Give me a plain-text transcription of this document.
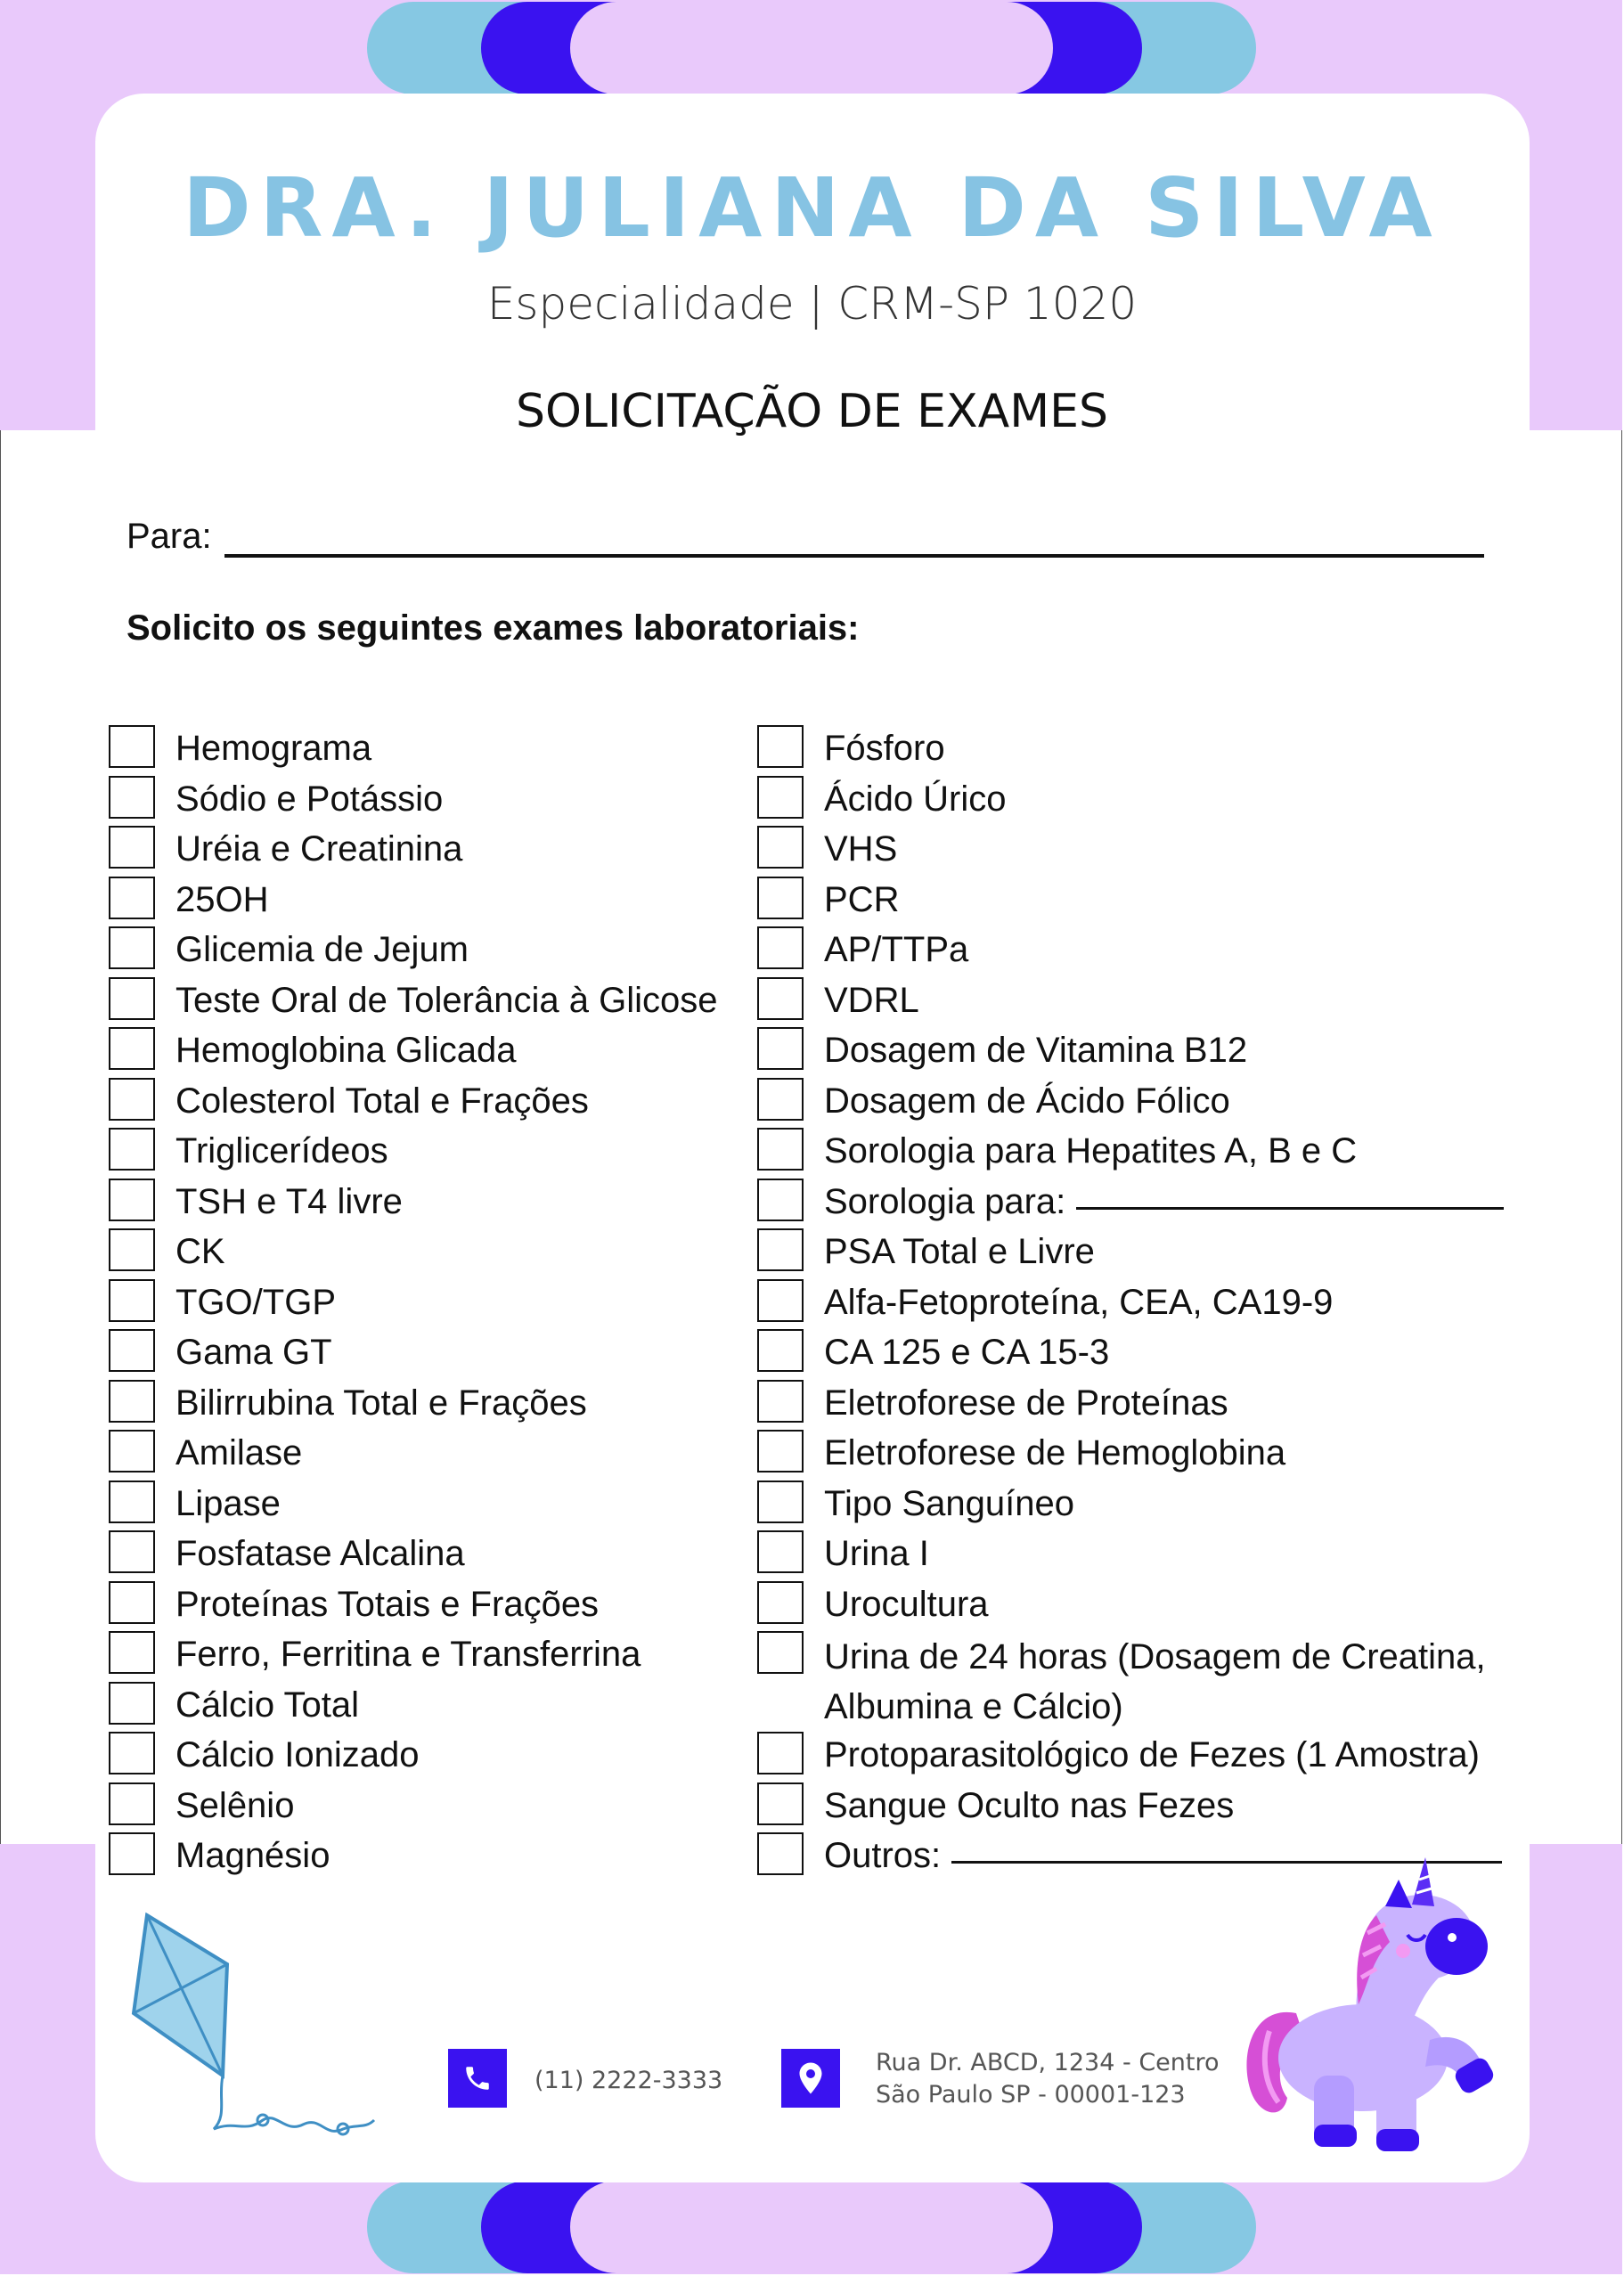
DRA. JULIANA DA SILVA
Especialidade | CRM-SP 1020
SOLICITAÇÃO DE EXAMES
Para:
Solicito os seguintes exames laboratoriais:
Hemograma
Sódio e Potássio
Uréia e Creatinina
25OH
Glicemia de Jejum
Teste Oral de Tolerância à Glicose
Hemoglobina Glicada
Colesterol Total e Frações
Triglicerídeos
TSH e T4 livre
CK
TGO/TGP
Gama GT
Bilirrubina Total e Frações
Amilase
Lipase
Fosfatase Alcalina
Proteínas Totais e Frações
Ferro, Ferritina e Transferrina
Cálcio Total
Cálcio Ionizado
Selênio
Magnésio
Fósforo
Ácido Úrico
VHS
PCR
AP/TTPa
VDRL
Dosagem de Vitamina B12
Dosagem de Ácido Fólico
Sorologia para Hepatites A, B e C
Sorologia para:
PSA Total e Livre
Alfa-Fetoproteína, CEA, CA19-9
CA 125 e CA 15-3
Eletroforese de Proteínas
Eletroforese de Hemoglobina
Tipo Sanguíneo
Urina I
Urocultura
Urina de 24 horas (Dosagem de Creatina, Albumina e Cálcio)
Protoparasitológico de Fezes (1 Amostra)
Sangue Oculto nas Fezes
Outros:
(11) 2222-3333
Rua Dr. ABCD, 1234 - Centro
São Paulo SP - 00001-123
